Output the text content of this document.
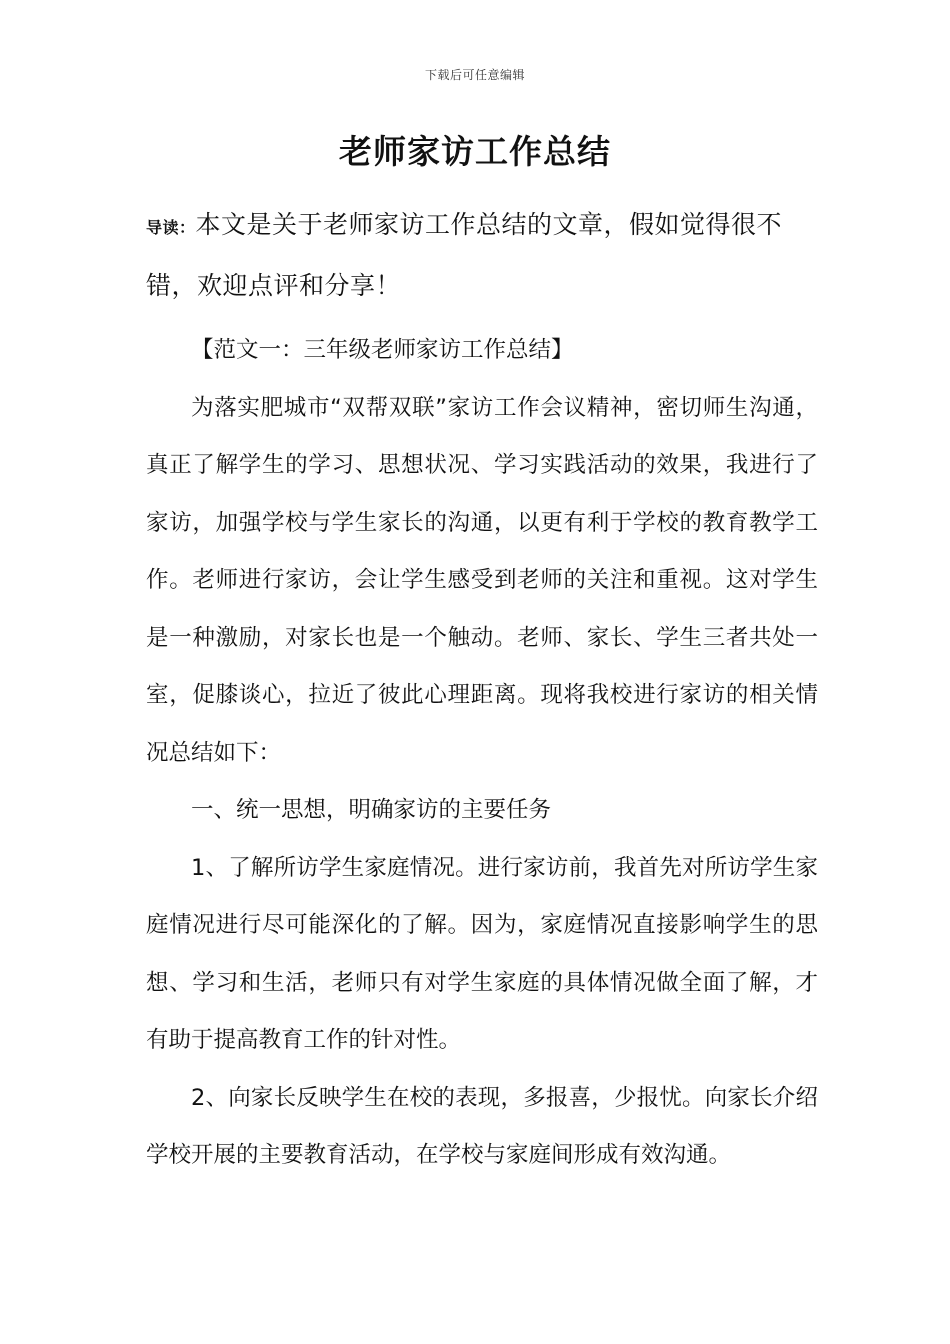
下载后可任意编辑
老师家访工作总结
导读：本文是关于老师家访工作总结的文章，假如觉得很不错，欢迎点评和分享！

【范文一：三年级老师家访工作总结】

为落实肥城市“双帮双联”家访工作会议精神，密切师生沟通，真正了解学生的学习、思想状况、学习实践活动的效果，我进行了家访，加强学校与学生家长的沟通，以更有利于学校的教育教学工作。老师进行家访，会让学生感受到老师的关注和重视。这对学生是一种激励，对家长也是一个触动。老师、家长、学生三者共处一室，促膝谈心，拉近了彼此心理距离。现将我校进行家访的相关情况总结如下：

一、统一思想，明确家访的主要任务

1、了解所访学生家庭情况。进行家访前，我首先对所访学生家庭情况进行尽可能深化的了解。因为，家庭情况直接影响学生的思想、学习和生活，老师只有对学生家庭的具体情况做全面了解，才有助于提高教育工作的针对性。

2、向家长反映学生在校的表现，多报喜，少报忧。向家长介绍学校开展的主要教育活动，在学校与家庭间形成有效沟通。
